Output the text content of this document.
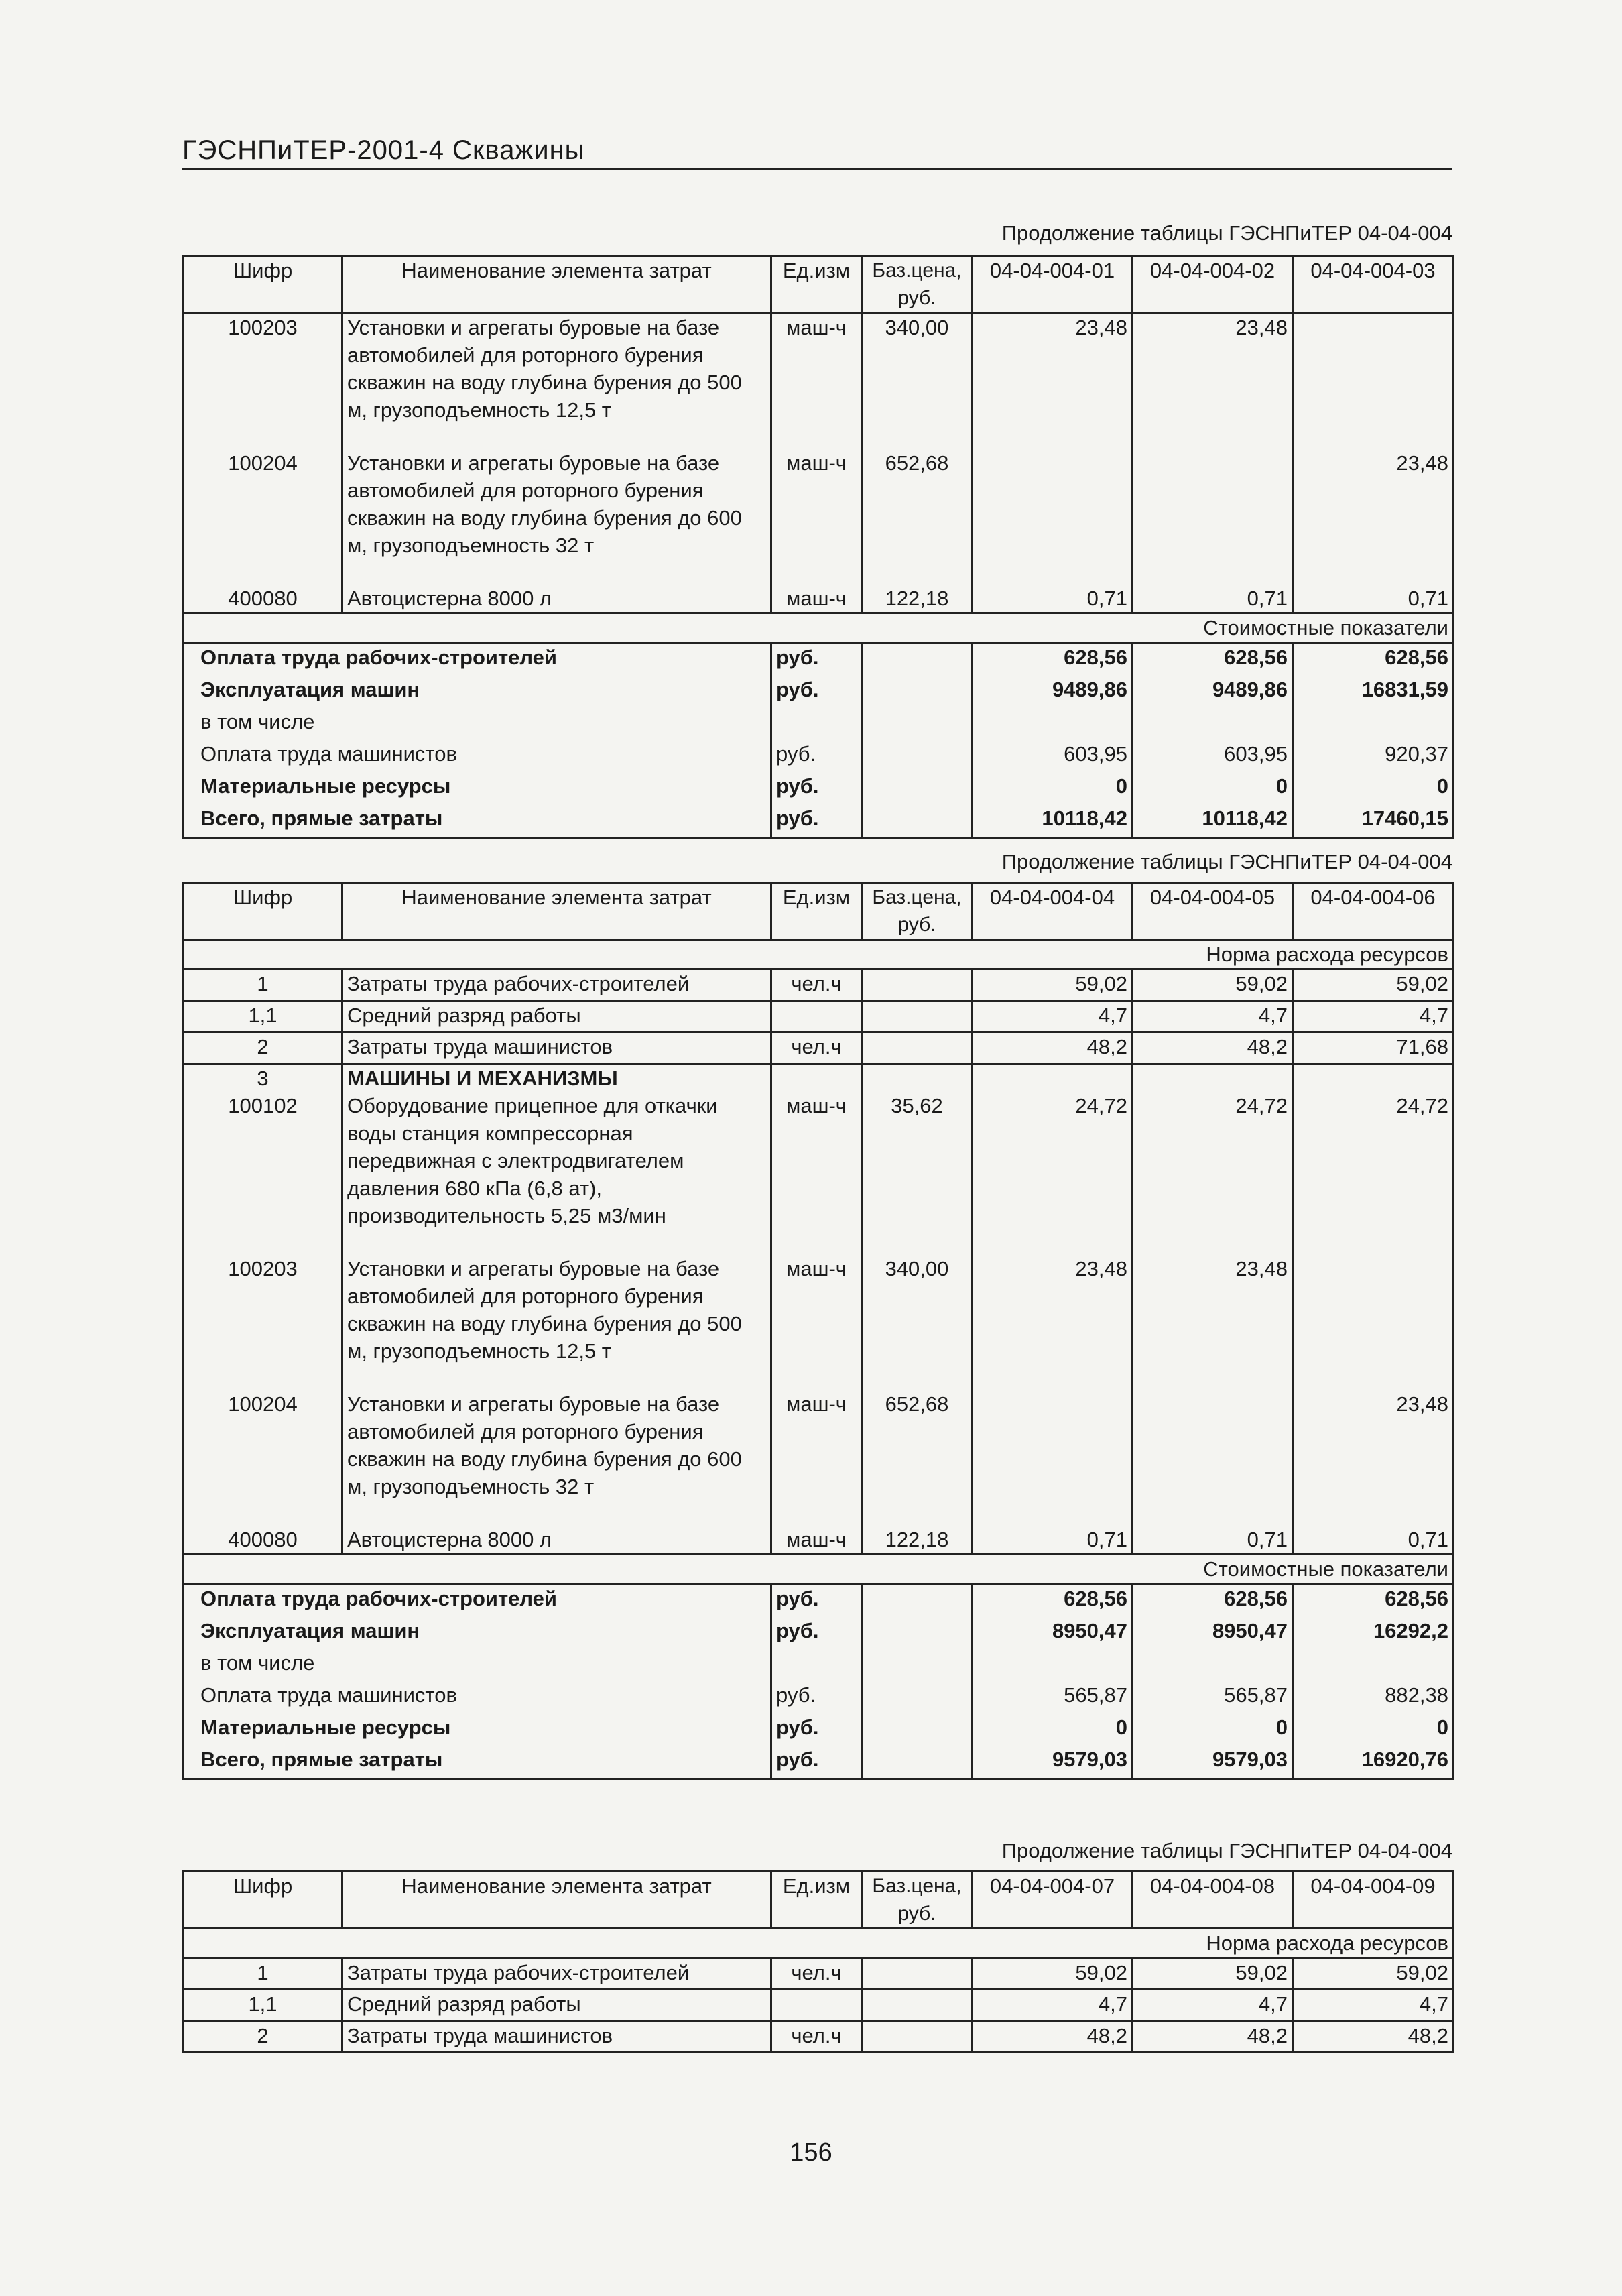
ГЭСНПиТЕР-2001-4 Скважины
Продолжение таблицы ГЭСНПиТЕР 04-04-004
Шифр	Наименование элемента затрат	Ед.изм	Баз.цена, руб.	04-04-004-01	04-04-004-02	04-04-004-03
100203	Установки и агрегаты буровые на базе автомобилей для роторного бурения скважин на воду глубина бурения до 500 м, грузоподъемность 12,5 т	маш-ч	340,00	23,48	23,48	
100204	Установки и агрегаты буровые на базе автомобилей для роторного бурения скважин на воду глубина бурения до 600 м, грузоподъемность 32 т	маш-ч	652,68			23,48
400080	Автоцистерна 8000 л	маш-ч	122,18	0,71	0,71	0,71
Стоимостные показатели						
Оплата труда рабочих-строителей		руб.		628,56	628,56	628,56
Эксплуатация машин		руб.		9489,86	9489,86	16831,59
в том числе						
Оплата труда машинистов		руб.		603,95	603,95	920,37
Материальные ресурсы		руб.		0	0	0
Всего, прямые затраты		руб.		10118,42	10118,42	17460,15
Продолжение таблицы ГЭСНПиТЕР 04-04-004
Шифр	Наименование элемента затрат	Ед.изм	Баз.цена, руб.	04-04-004-04	04-04-004-05	04-04-004-06
Норма расхода ресурсов						
1	Затраты труда рабочих-строителей	чел.ч		59,02	59,02	59,02
1,1	Средний разряд работы			4,7	4,7	4,7
2	Затраты труда машинистов	чел.ч		48,2	48,2	71,68
3	МАШИНЫ И МЕХАНИЗМЫ					
100102	Оборудование прицепное для откачки воды станция компрессорная передвижная с электродвигателем давления 680 кПа (6,8 ат), производительность 5,25 м3/мин	маш-ч	35,62	24,72	24,72	24,72
100203	Установки и агрегаты буровые на базе автомобилей для роторного бурения скважин на воду глубина бурения до 500 м, грузоподъемность 12,5 т	маш-ч	340,00	23,48	23,48	
100204	Установки и агрегаты буровые на базе автомобилей для роторного бурения скважин на воду глубина бурения до 600 м, грузоподъемность 32 т	маш-ч	652,68			23,48
400080	Автоцистерна 8000 л	маш-ч	122,18	0,71	0,71	0,71
Стоимостные показатели						
Оплата труда рабочих-строителей		руб.		628,56	628,56	628,56
Эксплуатация машин		руб.		8950,47	8950,47	16292,2
в том числе						
Оплата труда машинистов		руб.		565,87	565,87	882,38
Материальные ресурсы		руб.		0	0	0
Всего, прямые затраты		руб.		9579,03	9579,03	16920,76
Продолжение таблицы ГЭСНПиТЕР 04-04-004
Шифр	Наименование элемента затрат	Ед.изм	Баз.цена, руб.	04-04-004-07	04-04-004-08	04-04-004-09
Норма расхода ресурсов						
1	Затраты труда рабочих-строителей	чел.ч		59,02	59,02	59,02
1,1	Средний разряд работы			4,7	4,7	4,7
2	Затраты труда машинистов	чел.ч		48,2	48,2	48,2
156
